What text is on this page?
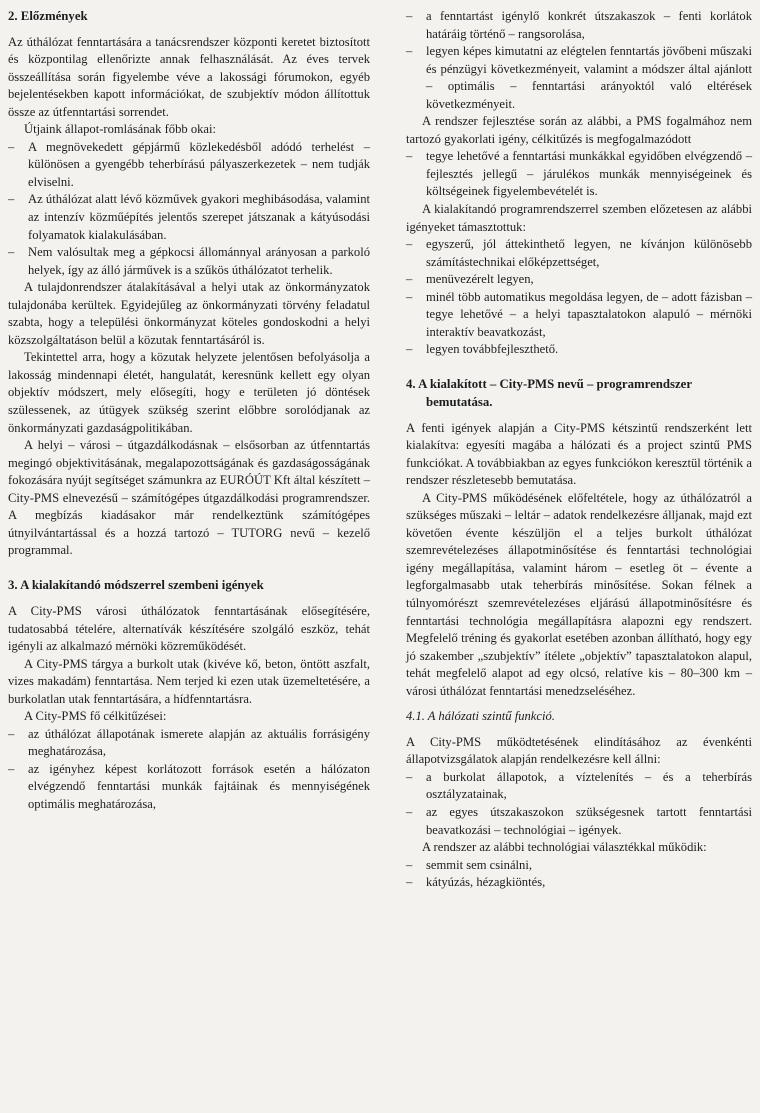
2. Előzmények

Az úthálózat fenntartására a tanácsrendszer központi keretet biztosított és központilag ellenőrizte annak felhasználását. Az éves tervek összeállítása során figyelembe véve a lakossági fórumokon, egyéb bejelentésekben kapott információkat, de szubjektív módon állítottuk össze az útfenntartási sorrendet.

Útjaink állapot-romlásának főbb okai:

– A megnövekedett gépjármű közlekedésből adódó terhelést – különösen a gyengébb teherbírású pályaszerkezetek – nem tudják elviselni.

– Az úthálózat alatt lévő közművek gyakori meghibásodása, valamint az intenzív közműépítés jelentős szerepet játszanak a kátyúsodási folyamatok kialakulásában.

– Nem valósultak meg a gépkocsi állománnyal arányosan a parkoló helyek, így az álló járművek is a szűkös úthálózatot terhelik.

A tulajdonrendszer átalakításával a helyi utak az önkormányzatok tulajdonába kerültek. Egyidejűleg az önkormányzati törvény feladatul szabta, hogy a települési önkormányzat köteles gondoskodni a helyi közszolgáltatáson belül a közutak fenntartásáról is.

Tekintettel arra, hogy a közutak helyzete jelentősen befolyásolja a lakosság mindennapi életét, hangulatát, keresnünk kellett egy olyan objektív módszert, mely elősegíti, hogy e területen jó döntések szülessenek, az útügyek szükség szerint előbbre sorolódjanak az önkormányzati gazdaságpolitikában.

A helyi – városi – útgazdálkodásnak – elsősorban az útfenntartás megingó objektivitásának, megalapozottságának és gazdaságosságának fokozására nyújt segítséget számunkra az EURÓÚT Kft által készített – City-PMS elnevezésű – számítógépes útgazdálkodási programrendszer. A megbízás kiadásakor már rendelkeztünk számítógépes útnyilvántartással és a hozzá tartozó – TUTORG nevű – kezelő programmal.

3. A kialakítandó módszerrel szembeni igények

A City-PMS városi úthálózatok fenntartásának elősegítésére, tudatosabbá tételére, alternatívák készítésére szolgáló eszköz, tehát igényli az alkalmazó mérnöki közreműködését.

A City-PMS tárgya a burkolt utak (kivéve kő, beton, öntött aszfalt, vizes makadám) fenntartása. Nem terjed ki ezen utak üzemeltetésére, a burkolatlan utak fenntartására, a hídfenntartásra.

A City-PMS fő célkitűzései:

– az úthálózat állapotának ismerete alapján az aktuális forrásigény meghatározása,

– az igényhez képest korlátozott források esetén a hálózaton elvégzendő fenntartási munkák fajtáinak és mennyiségének optimális meghatározása,

– a fenntartást igénylő konkrét útszakaszok – fenti korlátok határáig történő – rangsorolása,

– legyen képes kimutatni az elégtelen fenntartás jövőbeni műszaki és pénzügyi következményeit, valamint a módszer által ajánlott – optimális – fenntartási arányoktól való eltérések következményeit.

A rendszer fejlesztése során az alábbi, a PMS fogalmához nem tartozó gyakorlati igény, célkitűzés is megfogalmazódott

– tegye lehetővé a fenntartási munkákkal egyidőben elvégzendő – fejlesztés jellegű – járulékos munkák mennyiségeinek és költségeinek figyelembevételét is.

A kialakítandó programrendszerrel szemben előzetesen az alábbi igényeket támasztottuk:

– egyszerű, jól áttekinthető legyen, ne kívánjon különösebb számítástechnikai előképzettséget,

– menüvezérelt legyen,

– minél több automatikus megoldása legyen, de – adott fázisban – tegye lehetővé – a helyi tapasztalatokon alapuló – mérnöki interaktív beavatkozást,

– legyen továbbfejleszthető.

4. A kialakított – City-PMS nevű – programrendszer bemutatása.

A fenti igények alapján a City-PMS kétszintű rendszerként lett kialakítva: egyesíti magába a hálózati és a project szintű PMS funkciókat. A továbbiakban az egyes funkciókon keresztül történik a rendszer részletesebb bemutatása.

A City-PMS működésének előfeltétele, hogy az úthálózatról a szükséges műszaki – leltár – adatok rendelkezésre álljanak, majd ezt követően évente készüljön el a teljes burkolt úthálózat szemrevételezéses állapotminősítése és fenntartási technológiai igény megállapítása, valamint három – esetleg öt – évente a legforgalmasabb utak teherbírás minősítése. Sokan félnek a túlnyomórészt szemrevételezéses eljárású állapotminősítésre és fenntartási technológia megállapításra alapozni egy rendszert. Megfelelő tréning és gyakorlat esetében azonban állítható, hogy egy jó szakember „szubjektív” ítélete „objektív” tapasztalatokon alapul, tehát megfelelő alapot ad egy olcsó, relatíve kis – 80–300 km – városi úthálózat fenntartási menedzseléséhez.

4.1. A hálózati szintű funkció.

A City-PMS működtetésének elindításához az évenkénti állapotvizsgálatok alapján rendelkezésre kell állni:

– a burkolat állapotok, a víztelenítés – és a teherbírás osztályzatainak,

– az egyes útszakaszokon szükségesnek tartott fenntartási beavatkozási – technológiai – igények.

A rendszer az alábbi technológiai választékkal működik:

– semmit sem csinálni,

– kátyúzás, hézagkiöntés,
